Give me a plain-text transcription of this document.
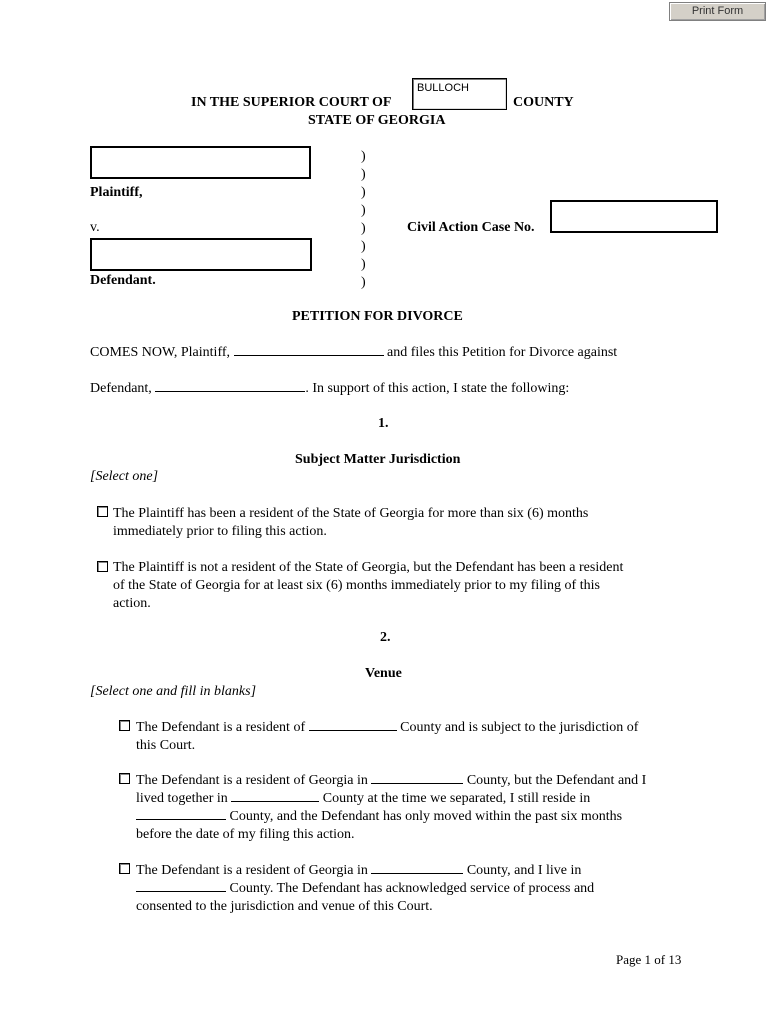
Print Form
IN THE SUPERIOR COURT OF
BULLOCH	COUNTY
STATE OF GEORGIA
Plaintiff,
v.
Defendant.
)
)
)
)
)
)
)
)
Civil Action Case No.
PETITION FOR DIVORCE
COMES NOW, Plaintiff,	and files this Petition for Divorce against
Defendant,	. In support of this action, I state the following:
1.
Subject Matter Jurisdiction
[Select one]
The Plaintiff has been a resident of the State of Georgia for more than six (6) months
immediately prior to filing this action.
The Plaintiff is not a resident of the State of Georgia, but the Defendant has been a resident
of the State of Georgia for at least six (6) months immediately prior to my filing of this
action.
2.
Venue
[Select one and fill in blanks]
The Defendant is a resident of	County and is subject to the jurisdiction of
this Court.
The Defendant is a resident of Georgia in	County, but the Defendant and I
lived together in	County at the time we separated, I still reside in
County, and the Defendant has only moved within the past six months
before the date of my filing this action.
The Defendant is a resident of Georgia in	County, and I live in
County. The Defendant has acknowledged service of process and
consented to the jurisdiction and venue of this Court.
Page 1 of 13
